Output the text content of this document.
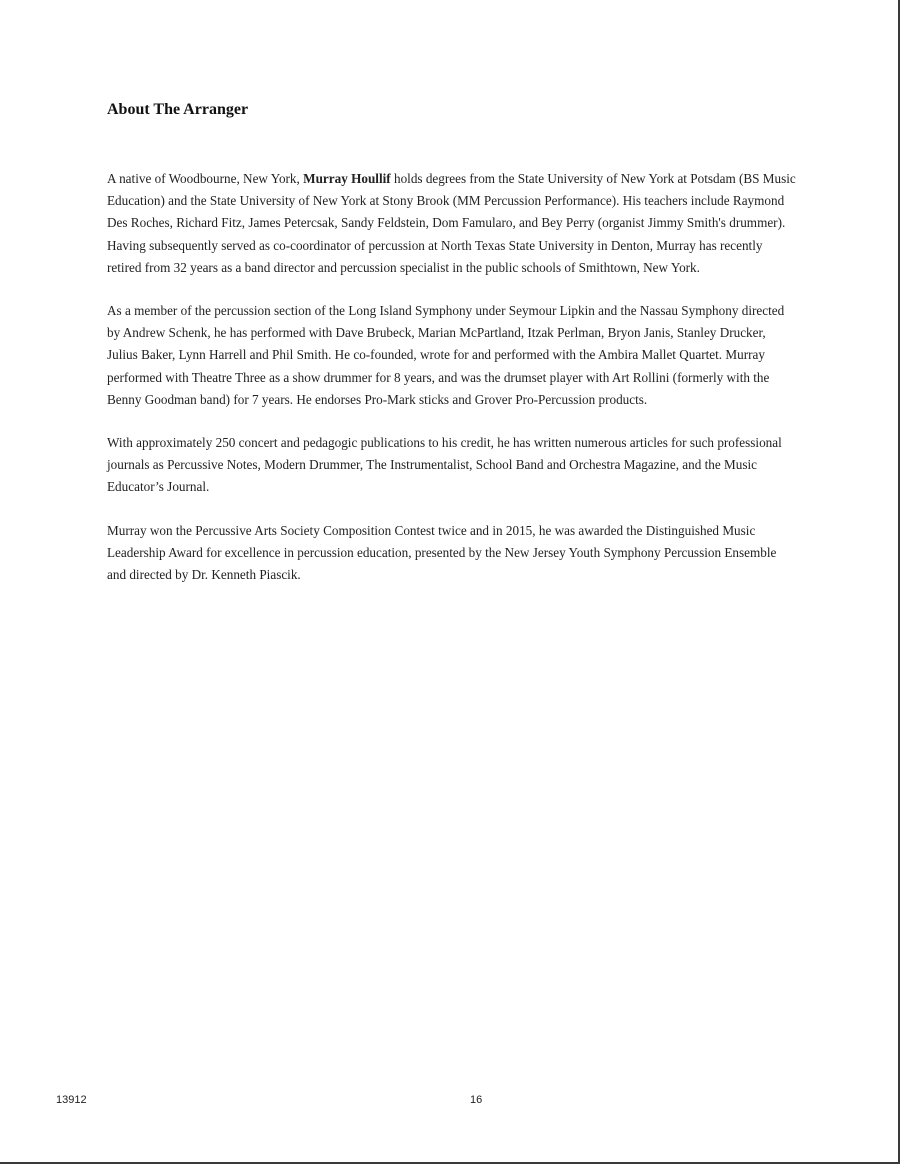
About The Arranger

A native of Woodbourne, New York, Murray Houllif holds degrees from the State University of New York at Potsdam (BS Music Education) and the State University of New York at Stony Brook (MM Percussion Performance). His teachers include Raymond Des Roches, Richard Fitz, James Petercsak, Sandy Feldstein, Dom Famularo, and Bey Perry (organist Jimmy Smith's drummer). Having subsequently served as co-coordinator of percussion at North Texas State University in Denton, Murray has recently retired from 32 years as a band director and percussion specialist in the public schools of Smithtown, New York.

As a member of the percussion section of the Long Island Symphony under Seymour Lipkin and the Nassau Symphony directed by Andrew Schenk, he has performed with Dave Brubeck, Marian McPartland, Itzak Perlman, Bryon Janis, Stanley Drucker, Julius Baker, Lynn Harrell and Phil Smith. He co-founded, wrote for and performed with the Ambira Mallet Quartet. Murray performed with Theatre Three as a show drummer for 8 years, and was the drumset player with Art Rollini (formerly with the Benny Goodman band) for 7 years. He endorses Pro-Mark sticks and Grover Pro-Percussion products.

With approximately 250 concert and pedagogic publications to his credit, he has written numerous articles for such professional journals as Percussive Notes, Modern Drummer, The Instrumentalist, School Band and Orchestra Magazine, and the Music Educator’s Journal.

Murray won the Percussive Arts Society Composition Contest twice and in 2015, he was awarded the Distinguished Music Leadership Award for excellence in percussion education, presented by the New Jersey Youth Symphony Percussion Ensemble and directed by Dr. Kenneth Piascik.

13912	16
